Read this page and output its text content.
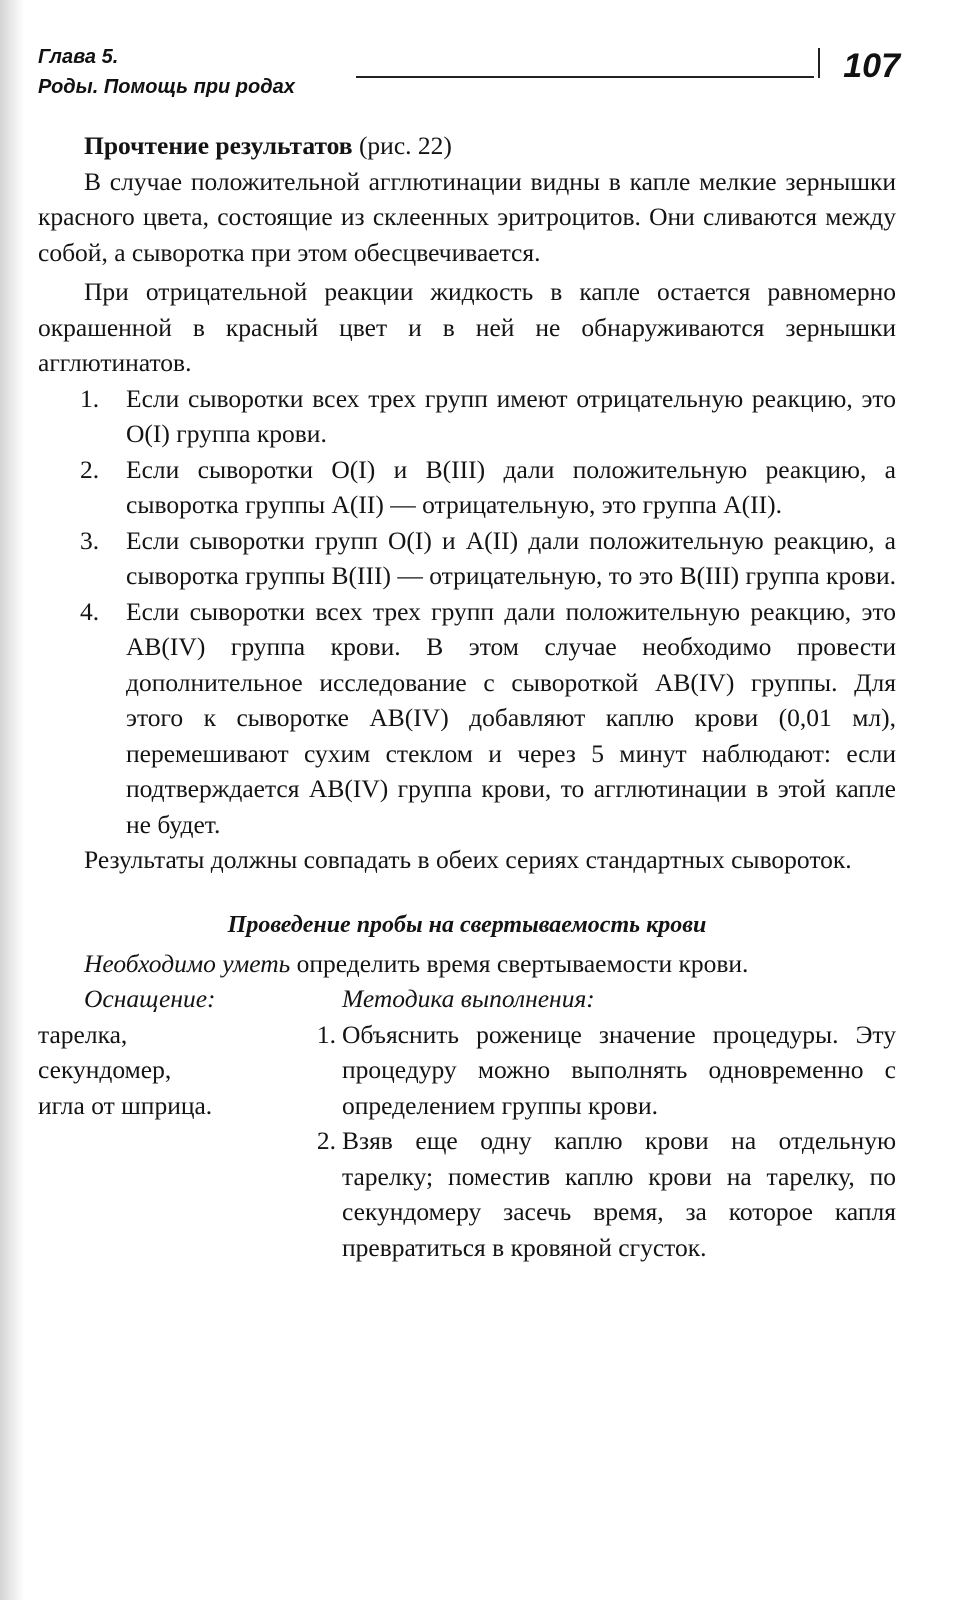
Глава 5.
Роды. Помощь при родах
107

Прочтение результатов (рис. 22)

В случае положительной агглютинации видны в капле мелкие зернышки красного цвета, состоящие из склеенных эритроцитов. Они сливаются между собой, а сыворотка при этом обесцвечивается.

При отрицательной реакции жидкость в капле остается равномерно окрашенной в красный цвет и в ней не обнаруживаются зернышки агглютинатов.

1. Если сыворотки всех трех групп имеют отрицательную реакцию, это O(I) группа крови.
2. Если сыворотки O(I) и B(III) дали положительную реакцию, а сыворотка группы A(II) — отрицательную, это группа A(II).
3. Если сыворотки групп O(I) и A(II) дали положительную реакцию, а сыворотка группы B(III) — отрицательную, то это B(III) группа крови.
4. Если сыворотки всех трех групп дали положительную реакцию, это AB(IV) группа крови. В этом случае необходимо провести дополнительное исследование с сывороткой AB(IV) группы. Для этого к сыворотке AB(IV) добавляют каплю крови (0,01 мл), перемешивают сухим стеклом и через 5 минут наблюдают: если подтверждается AB(IV) группа крови, то агглютинации в этой капле не будет.

Результаты должны совпадать в обеих сериях стандартных сывороток.

Проведение пробы на свертываемость крови

Необходимо уметь определить время свертываемости крови.

Оснащение:
тарелка,
секундомер,
игла от шприца.
Методика выполнения:
1. Объяснить роженице значение процедуры. Эту процедуру можно выполнять одновременно с определением группы крови.
2. Взяв еще одну каплю крови на отдельную тарелку; поместив каплю крови на тарелку, по секундомеру засечь время, за которое капля превратиться в кровяной сгусток.
